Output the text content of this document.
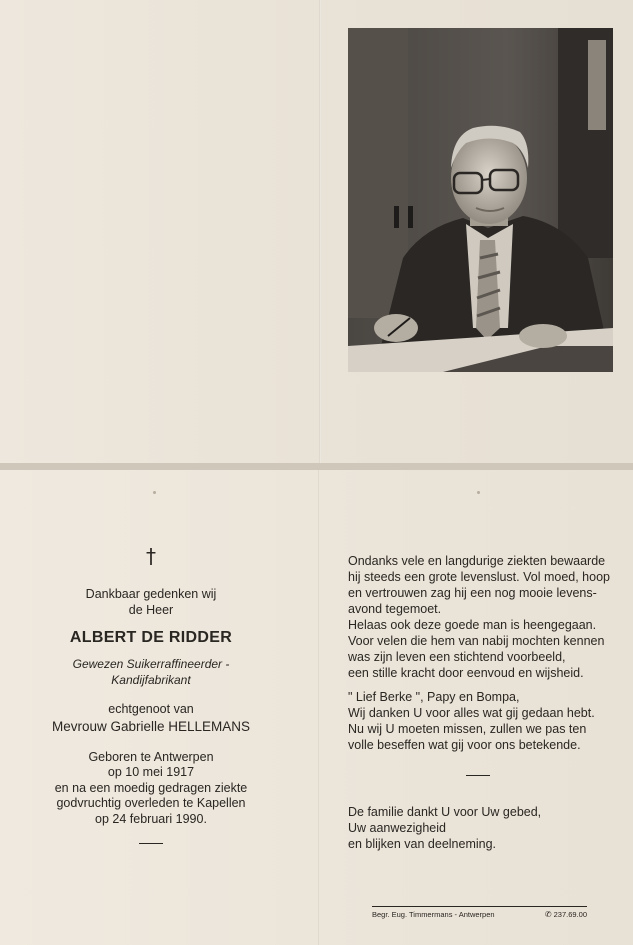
†
Dankbaar gedenken wij
de Heer
ALBERT DE RIDDER
Gewezen Suikerraffineerder -
Kandijfabrikant
echtgenoot van
Mevrouw Gabrielle HELLEMANS
Geboren te Antwerpen
op 10 mei 1917
en na een moedig gedragen ziekte
godvruchtig overleden te Kapellen
op 24 februari 1990.

Ondanks vele en langdurige ziekten bewaarde

hij steeds een grote levenslust. Vol moed, hoop

en vertrouwen zag hij een nog mooie levens-

avond tegemoet.

Helaas ook deze goede man is heengegaan.

Voor velen die hem van nabij mochten kennen

was zijn leven een stichtend voorbeeld,

een stille kracht door eenvoud en wijsheid.

" Lief Berke ", Papy en Bompa,

Wij danken U voor alles wat gij gedaan hebt.

Nu wij U moeten missen, zullen we pas ten

volle beseffen wat gij voor ons betekende.

De familie dankt U voor Uw gebed,

Uw aanwezigheid

en blijken van deelneming.

Begr. Eug. Timmermans - Antwerpen	✆ 237.69.00
